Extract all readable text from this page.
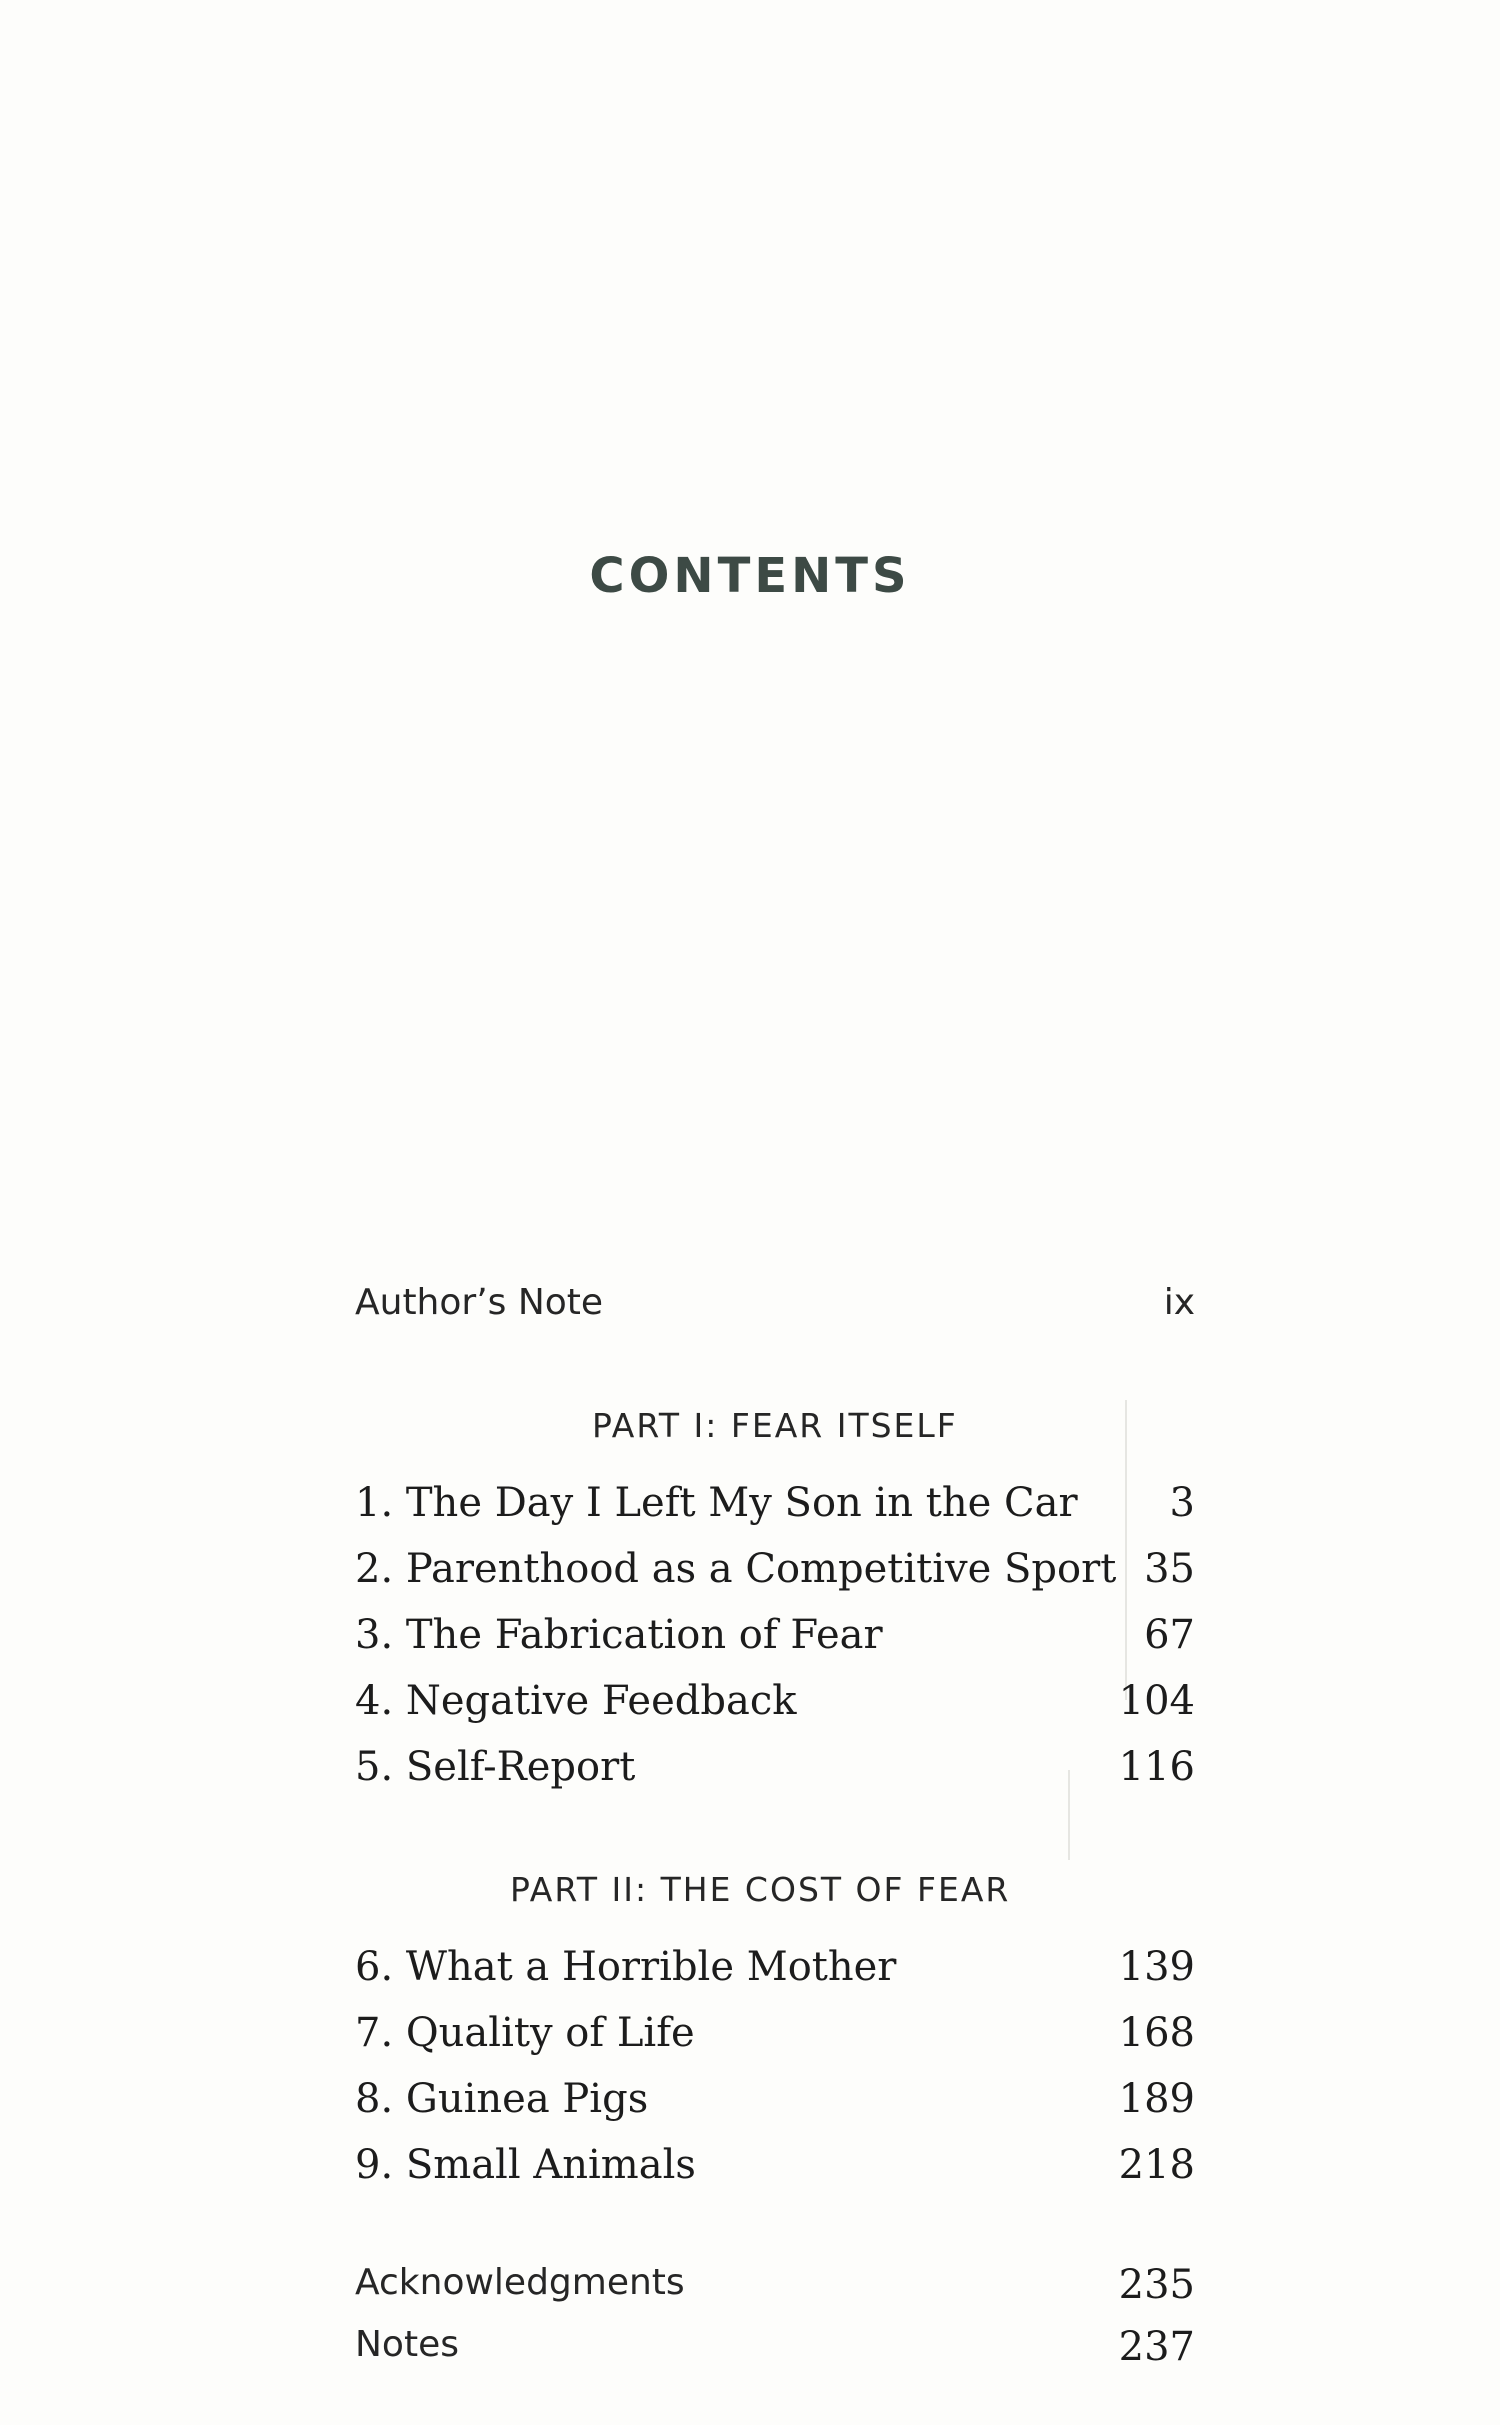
CONTENTS
Author’s Note	ix
PART I: FEAR ITSELF
1. The Day I Left My Son in the Car 3
2. Parenthood as a Competitive Sport 35
3. The Fabrication of Fear	67
4. Negative Feedback	104
5. Self-Report	116
PART II: THE COST OF FEAR
6. What a Horrible Mother	139
7. Quality of Life	168
8. Guinea Pigs	189
9. Small Animals	218
Acknowledgments	235
Notes	237
